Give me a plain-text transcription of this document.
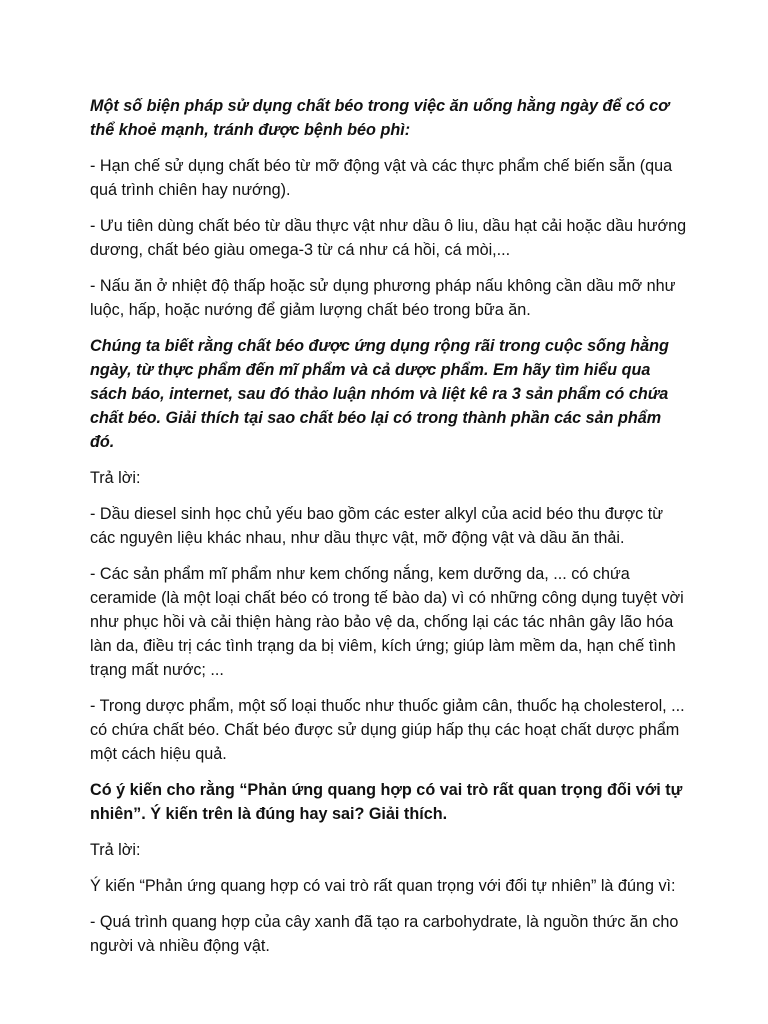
Một số biện pháp sử dụng chất béo trong việc ăn uống hằng ngày để có cơ thể khoẻ mạnh, tránh được bệnh béo phì:

- Hạn chế sử dụng chất béo từ mỡ động vật và các thực phẩm chế biến sẵn (qua quá trình chiên hay nướng).

- Ưu tiên dùng chất béo từ dầu thực vật như dầu ô liu, dầu hạt cải hoặc dầu hướng dương, chất béo giàu omega-3 từ cá như cá hồi, cá mòi,...

- Nấu ăn ở nhiệt độ thấp hoặc sử dụng phương pháp nấu không cần dầu mỡ như luộc, hấp, hoặc nướng để giảm lượng chất béo trong bữa ăn.

Chúng ta biết rằng chất béo được ứng dụng rộng rãi trong cuộc sống hằng ngày, từ thực phẩm đến mĩ phẩm và cả dược phẩm. Em hãy tìm hiểu qua sách báo, internet, sau đó thảo luận nhóm và liệt kê ra 3 sản phẩm có chứa chất béo. Giải thích tại sao chất béo lại có trong thành phần các sản phẩm đó.

Trả lời:

- Dầu diesel sinh học chủ yếu bao gồm các ester alkyl của acid béo thu được từ các nguyên liệu khác nhau, như dầu thực vật, mỡ động vật và dầu ăn thải.

- Các sản phẩm mĩ phẩm như kem chống nắng, kem dưỡng da, ... có chứa ceramide (là một loại chất béo có trong tế bào da) vì có những công dụng tuyệt vời như phục hồi và cải thiện hàng rào bảo vệ da, chống lại các tác nhân gây lão hóa làn da, điều trị các tình trạng da bị viêm, kích ứng; giúp làm mềm da, hạn chế tình trạng mất nước; ...

- Trong dược phẩm, một số loại thuốc như thuốc giảm cân, thuốc hạ cholesterol, ... có chứa chất béo. Chất béo được sử dụng giúp hấp thụ các hoạt chất dược phẩm một cách hiệu quả.

Có ý kiến cho rằng “Phản ứng quang hợp có vai trò rất quan trọng đối với tự nhiên”. Ý kiến trên là đúng hay sai? Giải thích.

Trả lời:

Ý kiến “Phản ứng quang hợp có vai trò rất quan trọng với đối tự nhiên” là đúng vì:

- Quá trình quang hợp của cây xanh đã tạo ra carbohydrate, là nguồn thức ăn cho người và nhiều động vật.
